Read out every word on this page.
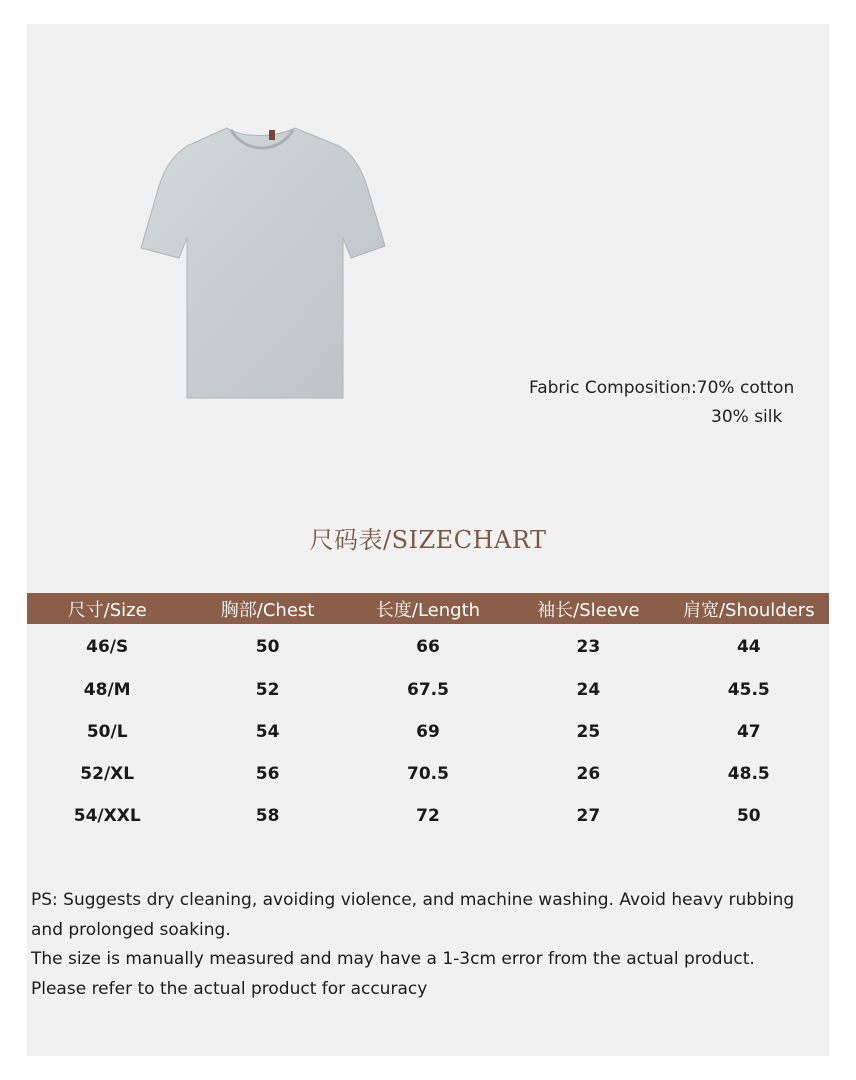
Fabric Composition:70% cotton
30% silk
尺码表/SIZECHART
尺寸/Size	胸部/Chest	长度/Length	袖长/Sleeve	肩宽/Shoulders
46/S	50	66	23	44
48/M	52	67.5	24	45.5
50/L	54	69	25	47
52/XL	56	70.5	26	48.5
54/XXL	58	72	27	50

PS: Suggests dry cleaning, avoiding violence, and machine washing. Avoid heavy rubbing and prolonged soaking.

The size is manually measured and may have a 1-3cm error from the actual product.

Please refer to the actual product for accuracy
